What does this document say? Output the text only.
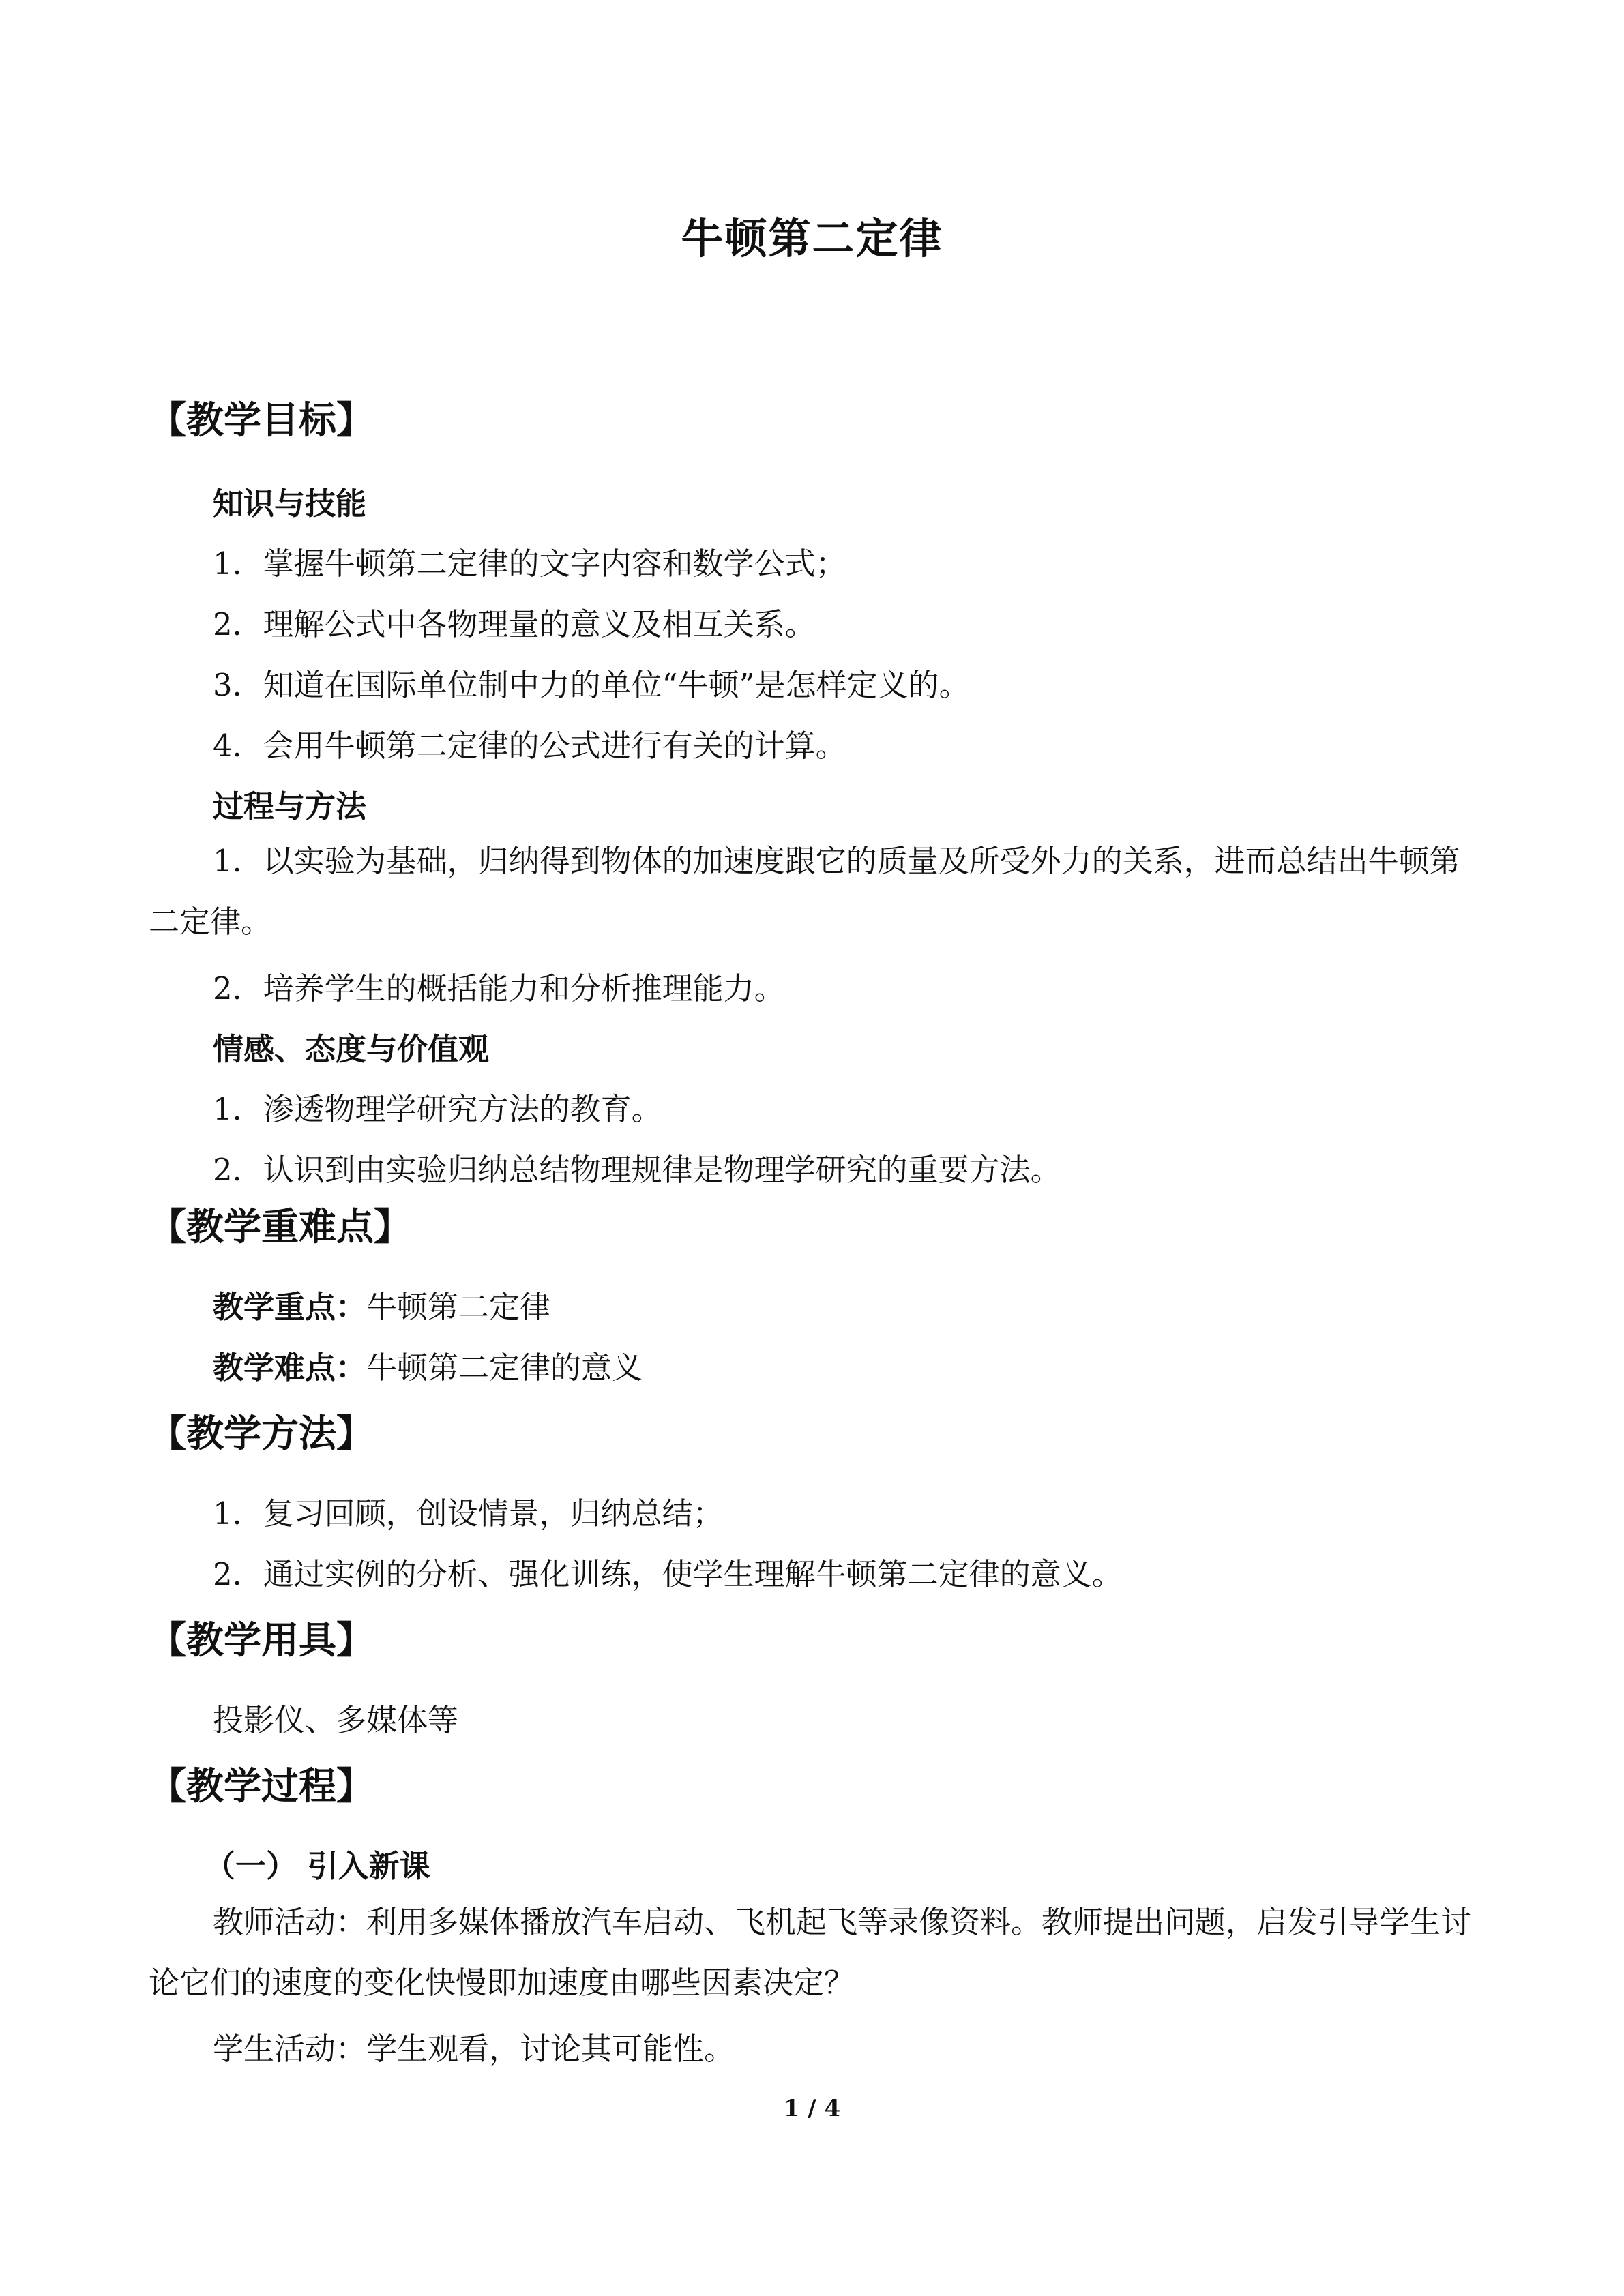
牛顿第二定律
【教学目标】
知识与技能
1．掌握牛顿第二定律的文字内容和数学公式；
2．理解公式中各物理量的意义及相互关系。
3．知道在国际单位制中力的单位“牛顿”是怎样定义的。
4．会用牛顿第二定律的公式进行有关的计算。
过程与方法
1．以实验为基础，归纳得到物体的加速度跟它的质量及所受外力的关系，进而总结出牛顿第二定律。
2．培养学生的概括能力和分析推理能力。
情感、态度与价值观
1．渗透物理学研究方法的教育。
2．认识到由实验归纳总结物理规律是物理学研究的重要方法。
【教学重难点】
教学重点：牛顿第二定律
教学难点：牛顿第二定律的意义
【教学方法】
1．复习回顾，创设情景，归纳总结；
2．通过实例的分析、强化训练，使学生理解牛顿第二定律的意义。
【教学用具】
投影仪、多媒体等
【教学过程】
（一） 引入新课
教师活动：利用多媒体播放汽车启动、飞机起飞等录像资料。教师提出问题，启发引导学生讨论它们的速度的变化快慢即加速度由哪些因素决定？
学生活动：学生观看，讨论其可能性。
1 / 4
